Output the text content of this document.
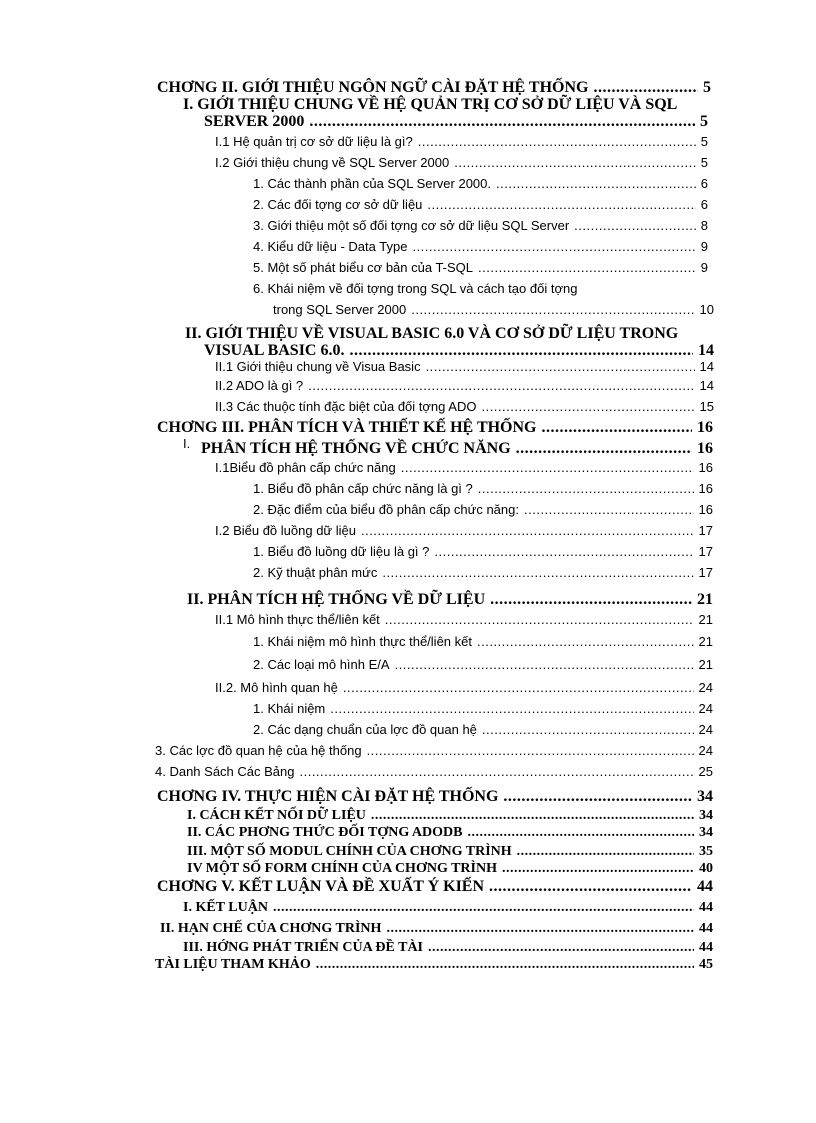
CHƠNG II. GIỚI THIỆU NGÔN NGỮ CÀI ĐẶT HỆ THỐNG .....	5
I. GIỚI THIỆU CHUNG VỀ HỆ QUẢN TRỊ CƠ SỞ DỮ LIỆU VÀ SQL
SERVER 2000 .....	5
I.1 Hệ quản trị cơ sở dữ liệu là gì? .....	5
I.2 Giới thiệu chung về SQL Server 2000 .....	5
1. Các thành phần của SQL Server 2000. .....	6
2. Các đối tợng cơ sở dữ liệu .....	6
3. Giới thiệu một số đối tợng cơ sở dữ liệu SQL Server .....	8
4. Kiểu dữ liệu - Data Type .....	9
5. Một số phát biểu cơ bản của T-SQL .....	9
6. Khái niệm về đối tợng trong SQL và cách tạo đối tợng
trong SQL Server 2000 .....	10
II. GIỚI THIỆU VỀ VISUAL BASIC 6.0 VÀ CƠ SỞ DỮ LIỆU TRONG
VISUAL BASIC 6.0. .....	14
II.1 Giới thiệu chung về Visua Basic .....	14
II.2 ADO là gì ? .....	14
II.3 Các thuộc tính đặc biệt của đối tợng ADO .....	15
CHƠNG III. PHÂN TÍCH VÀ THIẾT KẾ HỆ THỐNG .....	16
I. PHÂN TÍCH HỆ THỐNG VỀ CHỨC NĂNG .....	16
I.1Biểu đồ phân cấp chức năng .....	16
1. Biểu đồ phân cấp chức năng là gì ? .....	16
2. Đặc điểm của biểu đồ phân cấp chức năng: .....	16
I.2 Biểu đồ luồng dữ liệu .....	17
1. Biểu đồ luồng dữ liệu là gì ? .....	17
2. Kỹ thuật phân mức .....	17
II. PHÂN TÍCH HỆ THỐNG VỀ DỮ LIỆU .....	21
II.1 Mô hình thực thể/liên kết .....	21
1. Khái niệm mô hình thực thể/liên kết .....	21
2. Các loại mô hình E/A .....	21
II.2. Mô hình quan hệ .....	24
1. Khái niệm .....	24
2. Các dạng chuẩn của lợc đồ quan hệ .....	24
3. Các lợc đồ quan hệ của hệ thống .....	24
4. Danh Sách Các Bảng .....	25
CHƠNG IV. THỰC HIỆN CÀI ĐẶT HỆ THỐNG .....	34
I. CÁCH KẾT NỐI DỮ LIỆU .....	34
II. CÁC PHƠNG THỨC ĐỐI TỢNG ADODB .....	34
III. MỘT SỐ MODUL CHÍNH CỦA CHƠNG TRÌNH .....	35
IV MỘT SỐ FORM CHÍNH CỦA CHƠNG TRÌNH .....	40
CHƠNG V. KẾT LUẬN VÀ ĐỀ XUẤT Ý KIẾN .....	44
I. KẾT LUẬN .....	44
II. HẠN CHẾ CỦA CHƠNG TRÌNH .....	44
III. HỚNG PHÁT TRIỂN CỦA ĐỀ TÀI .....	44
TÀI LIỆU THAM KHẢO .....	45
